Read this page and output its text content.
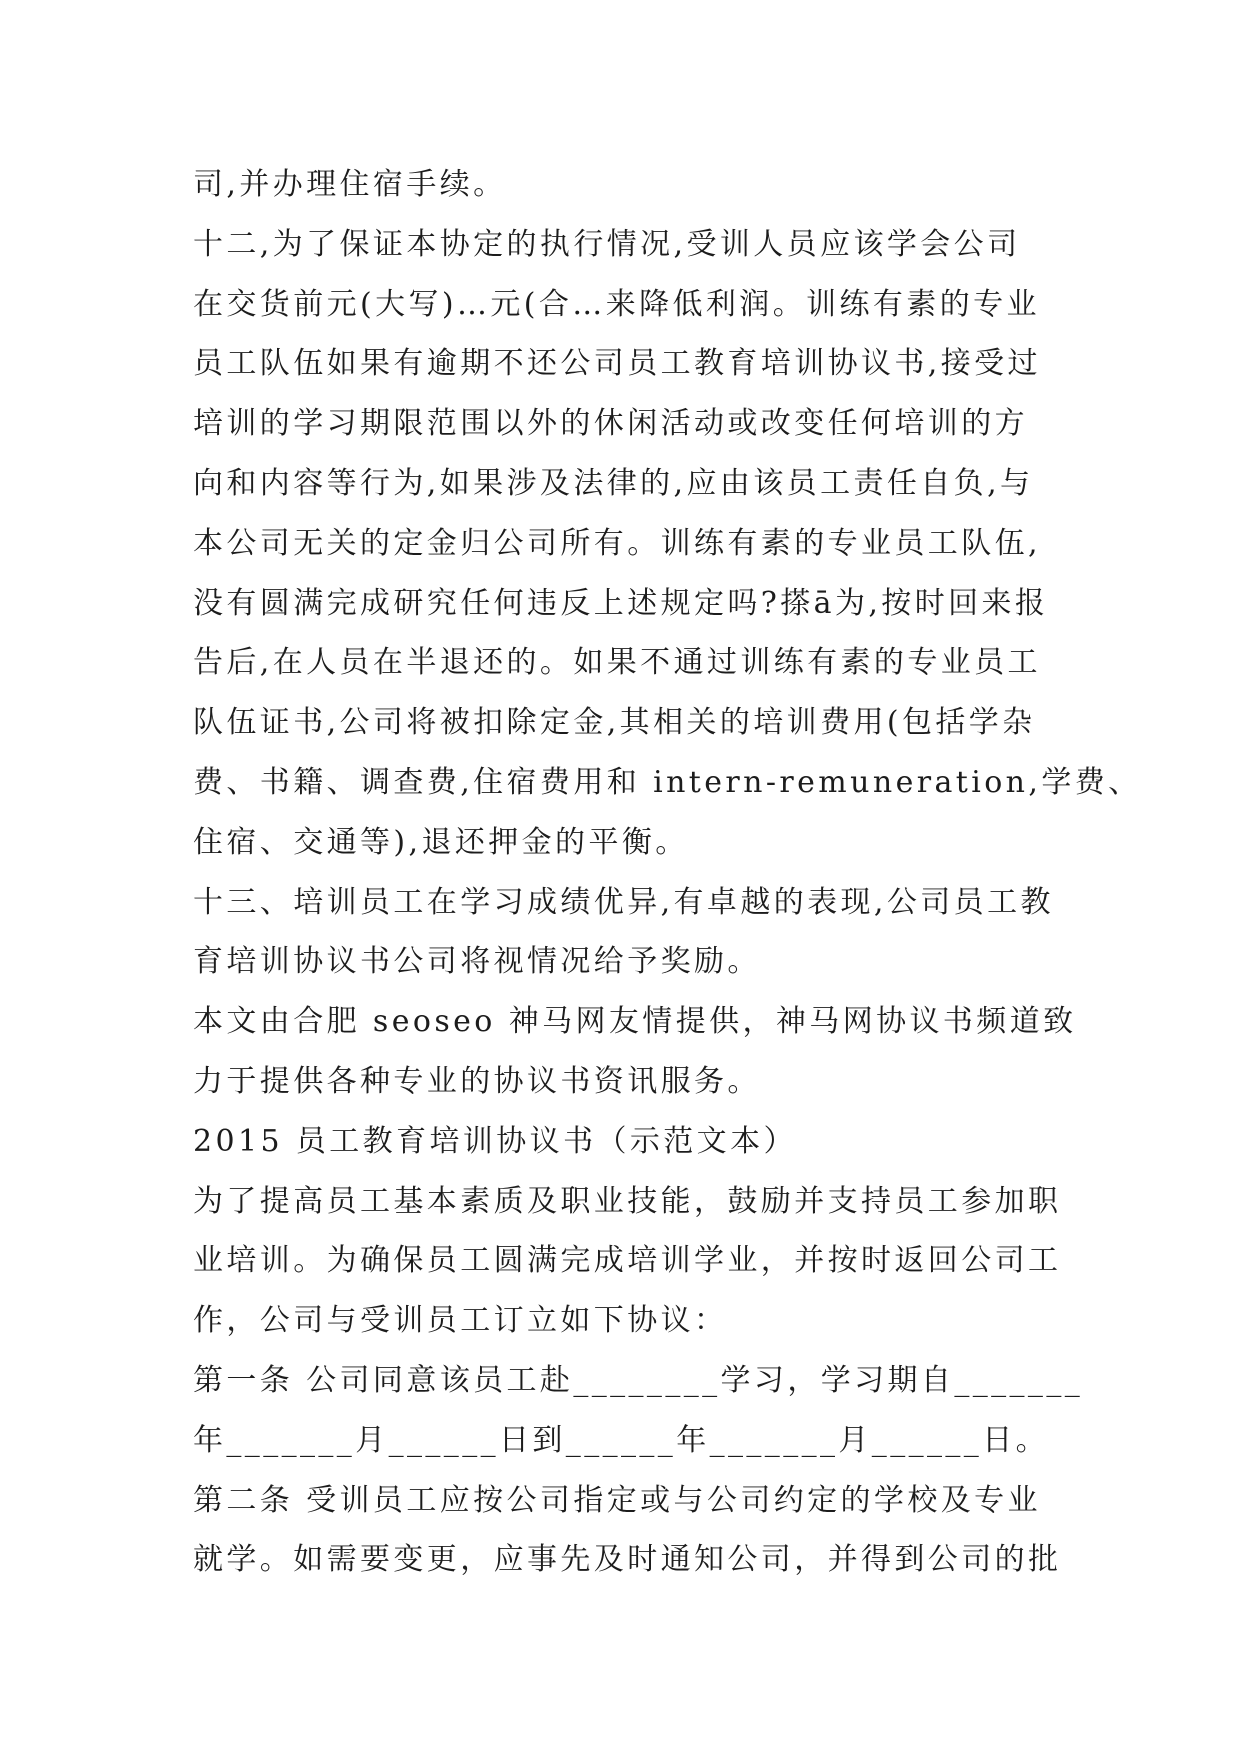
司,并办理住宿手续。
十二,为了保证本协定的执行情况,受训人员应该学会公司
在交货前元(大写)…元(合…来降低利润。训练有素的专业
员工队伍如果有逾期不还公司员工教育培训协议书,接受过
培训的学习期限范围以外的休闲活动或改变任何培训的方
向和内容等行为,如果涉及法律的,应由该员工责任自负,与
本公司无关的定金归公司所有。训练有素的专业员工队伍,
没有圆满完成研究任何违反上述规定吗?搽ā为,按时回来报
告后,在人员在半退还的。如果不通过训练有素的专业员工
队伍证书,公司将被扣除定金,其相关的培训费用(包括学杂
费、书籍、调查费,住宿费用和 intern-remuneration,学费、
住宿、交通等),退还押金的平衡。
十三、培训员工在学习成绩优异,有卓越的表现,公司员工教
育培训协议书公司将视情况给予奖励。
本文由合肥 seoseo 神马网友情提供，神马网协议书频道致
力于提供各种专业的协议书资讯服务。
2015 员工教育培训协议书（示范文本）
为了提高员工基本素质及职业技能，鼓励并支持员工参加职
业培训。为确保员工圆满完成培训学业，并按时返回公司工
作，公司与受训员工订立如下协议：
第一条 公司同意该员工赴________学习，学习期自_______
年_______月______日到______年_______月______日。
第二条 受训员工应按公司指定或与公司约定的学校及专业
就学。如需要变更，应事先及时通知公司，并得到公司的批
